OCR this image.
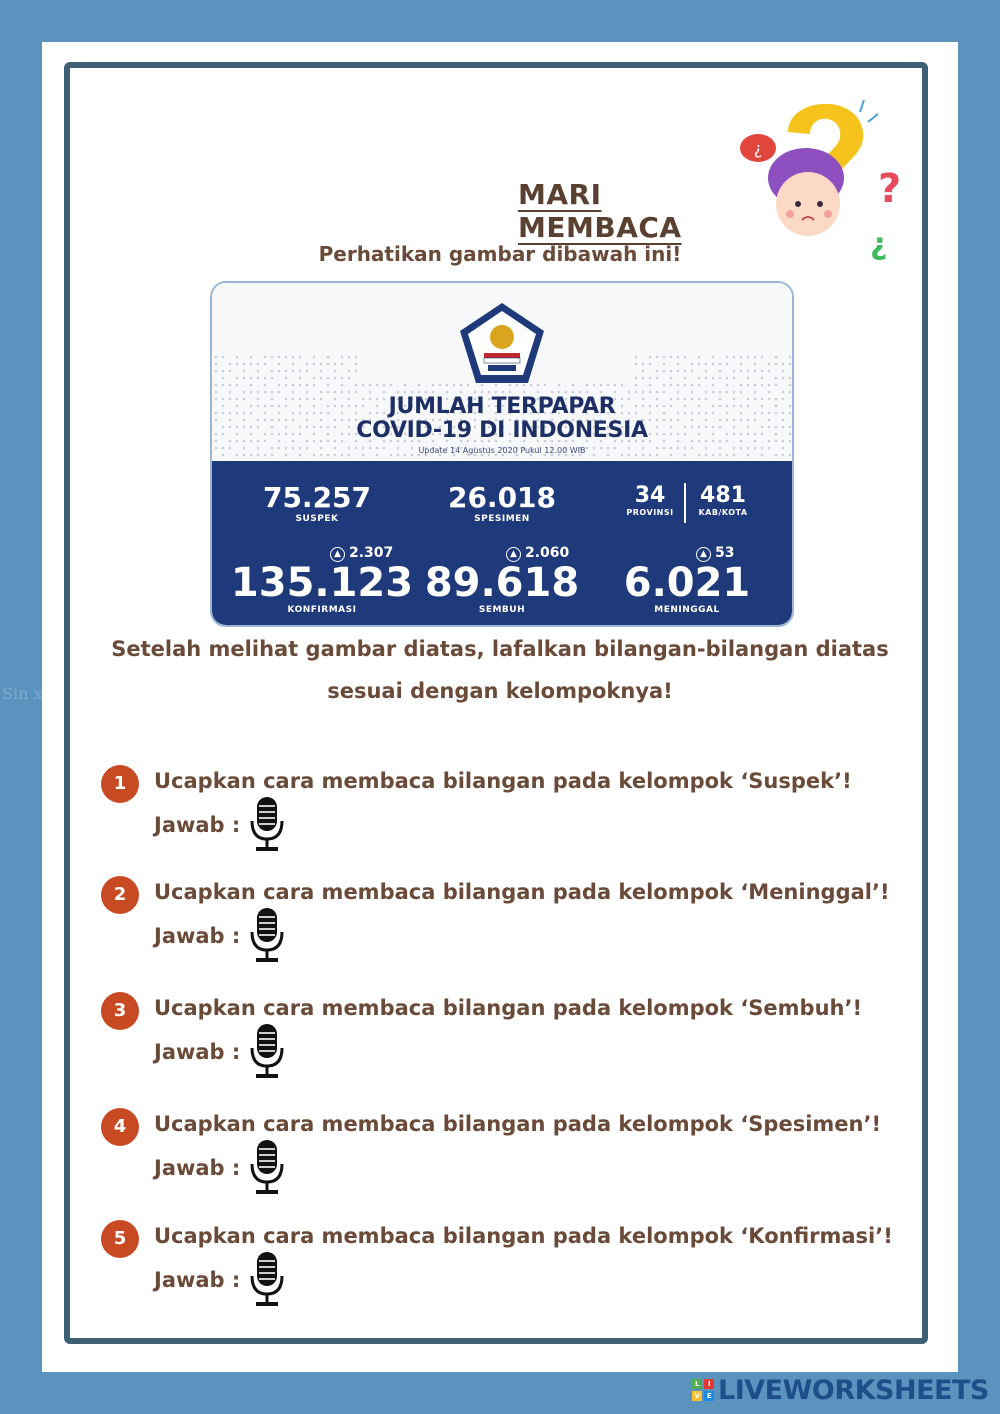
Sin x
MARI MEMBACA
¿
?
¿
Perhatikan gambar dibawah ini!
JUMLAH TERPAPAR
COVID-19 DI INDONESIA
Update 14 Agustus 2020 Pukul 12.00 WIB
75.257
SUSPEK
26.018
SPESIMEN
34
PROVINSI
481
KAB/KOTA
▲ 2.307	▲ 2.060	▲ 53
135.123
KONFIRMASI
89.618
SEMBUH
6.021
MENINGGAL
Setelah melihat gambar diatas, lafalkan bilangan-bilangan diatas
sesuai dengan kelompoknya!
1	Ucapkan cara membaca bilangan pada kelompok ‘Suspek’!
Jawab :
2	Ucapkan cara membaca bilangan pada kelompok ‘Meninggal’!
Jawab :
3	Ucapkan cara membaca bilangan pada kelompok ‘Sembuh’!
Jawab :
4	Ucapkan cara membaca bilangan pada kelompok ‘Spesimen’!
Jawab :
5	Ucapkan cara membaca bilangan pada kelompok ‘Konfirmasi’!
Jawab :
L	I
V	E LIVEWORKSHEETS
